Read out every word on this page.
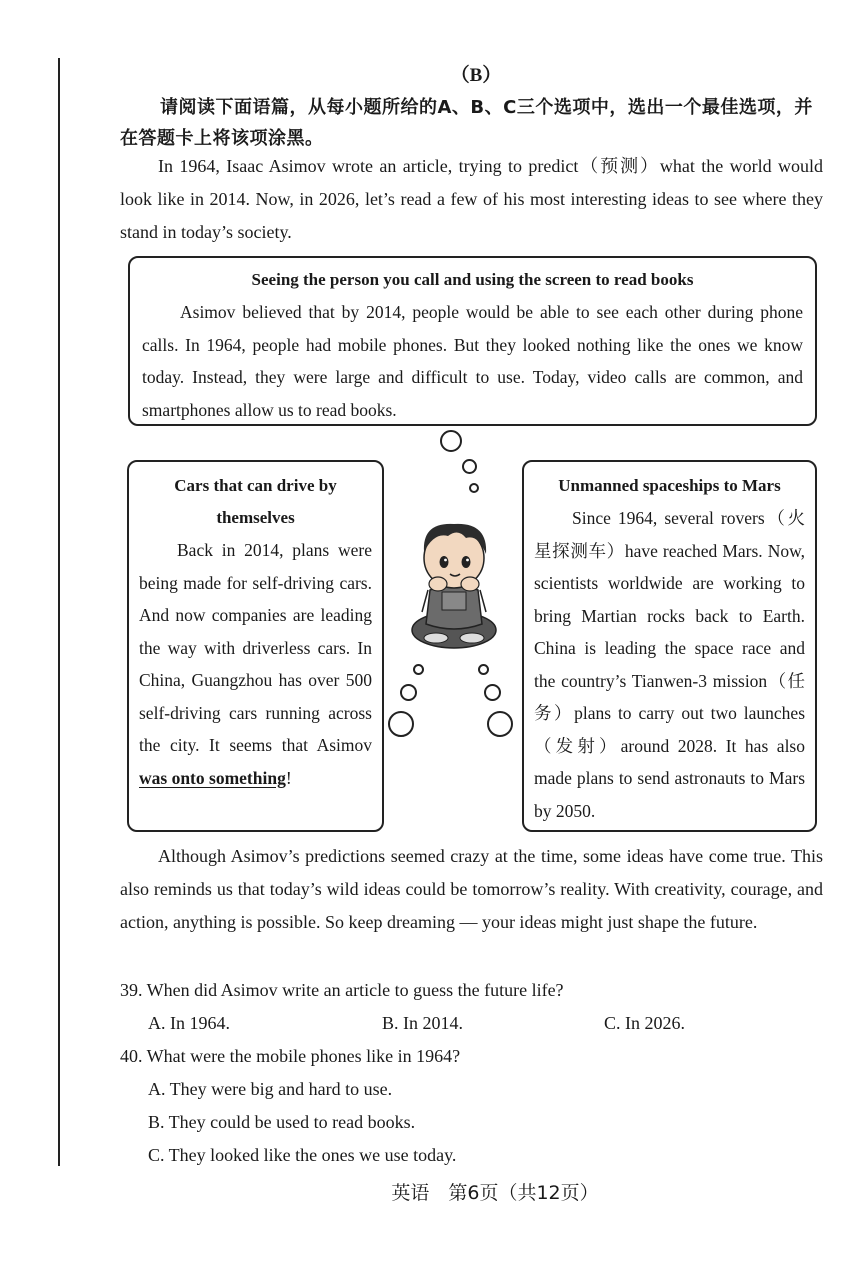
（B）
请阅读下面语篇，从每小题所给的A、B、C三个选项中，选出一个最佳选项，并在答题卡上将该项涂黑。
In 1964, Isaac Asimov wrote an article, trying to predict（预测）what the world would look like in 2014. Now, in 2026, let’s read a few of his most interesting ideas to see where they stand in today’s society.
Seeing the person you call and using the screen to read books
Asimov believed that by 2014, people would be able to see each other during phone calls. In 1964, people had mobile phones. But they looked nothing like the ones we know today. Instead, they were large and difficult to use. Today, video calls are common, and smartphones allow us to read books.
Cars that can drive by themselves
Back in 2014, plans were being made for self-driving cars. And now companies are leading the way with driverless cars. In China, Guangzhou has over 500 self-driving cars running across the city. It seems that Asimov was onto something!
Unmanned spaceships to Mars
Since 1964, several rovers（火星探测车）have reached Mars. Now, scientists worldwide are working to bring Martian rocks back to Earth. China is leading the space race and the country’s Tianwen-3 mission（任务）plans to carry out two launches（发射）around 2028. It has also made plans to send astronauts to Mars by 2050.
Although Asimov’s predictions seemed crazy at the time, some ideas have come true. This also reminds us that today’s wild ideas could be tomorrow’s reality. With creativity, courage, and action, anything is possible. So keep dreaming — your ideas might just shape the future.
39. When did Asimov write an article to guess the future life?
A. In 1964.	B. In 2014.	C. In 2026.
40. What were the mobile phones like in 1964?
A. They were big and hard to use.
B. They could be used to read books.
C. They looked like the ones we use today.
英语　第6页（共12页）
